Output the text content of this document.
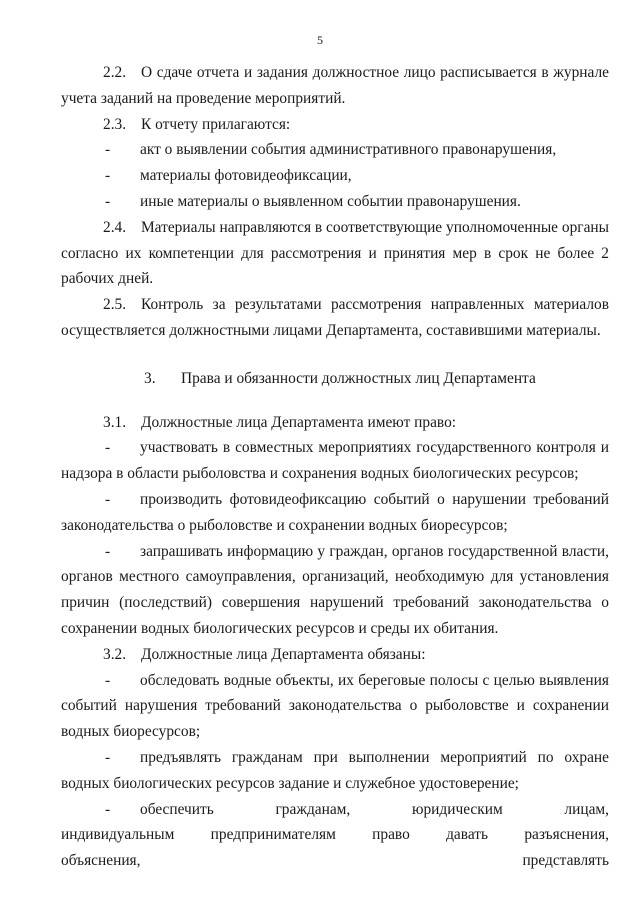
5

2.2. О сдаче отчета и задания должностное лицо расписывается в журнале учета заданий на проведение мероприятий.

2.3. К отчету прилагаются:

-	акт о выявлении события административного правонарушения,
-	материалы фотовидеофиксации,
-	иные материалы о выявленном событии правонарушения.

2.4. Материалы направляются в соответствующие уполномоченные органы согласно их компетенции для рассмотрения и принятия мер в срок не более 2 рабочих дней.

2.5. Контроль за результатами рассмотрения направленных материалов осуществляется должностными лицами Департамента, составившими материалы.

3. Права и обязанности должностных лиц Департамента

3.1. Должностные лица Департамента имеют право:

- участвовать в совместных мероприятиях государственного контроля и надзора в области рыболовства и сохранения водных биологических ресурсов;

- производить фотовидеофиксацию событий о нарушении требований законодательства о рыболовстве и сохранении водных биоресурсов;

- запрашивать информацию у граждан, органов государственной власти, органов местного самоуправления, организаций, необходимую для установления причин (последствий) совершения нарушений требований законодательства о сохранении водных биологических ресурсов и среды их обитания.

3.2. Должностные лица Департамента обязаны:

- обследовать водные объекты, их береговые полосы с целью выявления событий нарушения требований законодательства о рыболовстве и сохранении водных биоресурсов;

- предъявлять гражданам при выполнении мероприятий по охране водных биологических ресурсов задание и служебное удостоверение;

- обеспечить гражданам, юридическим лицам, индивидуальным предпринимателям право давать разъяснения, объяснения, представлять
